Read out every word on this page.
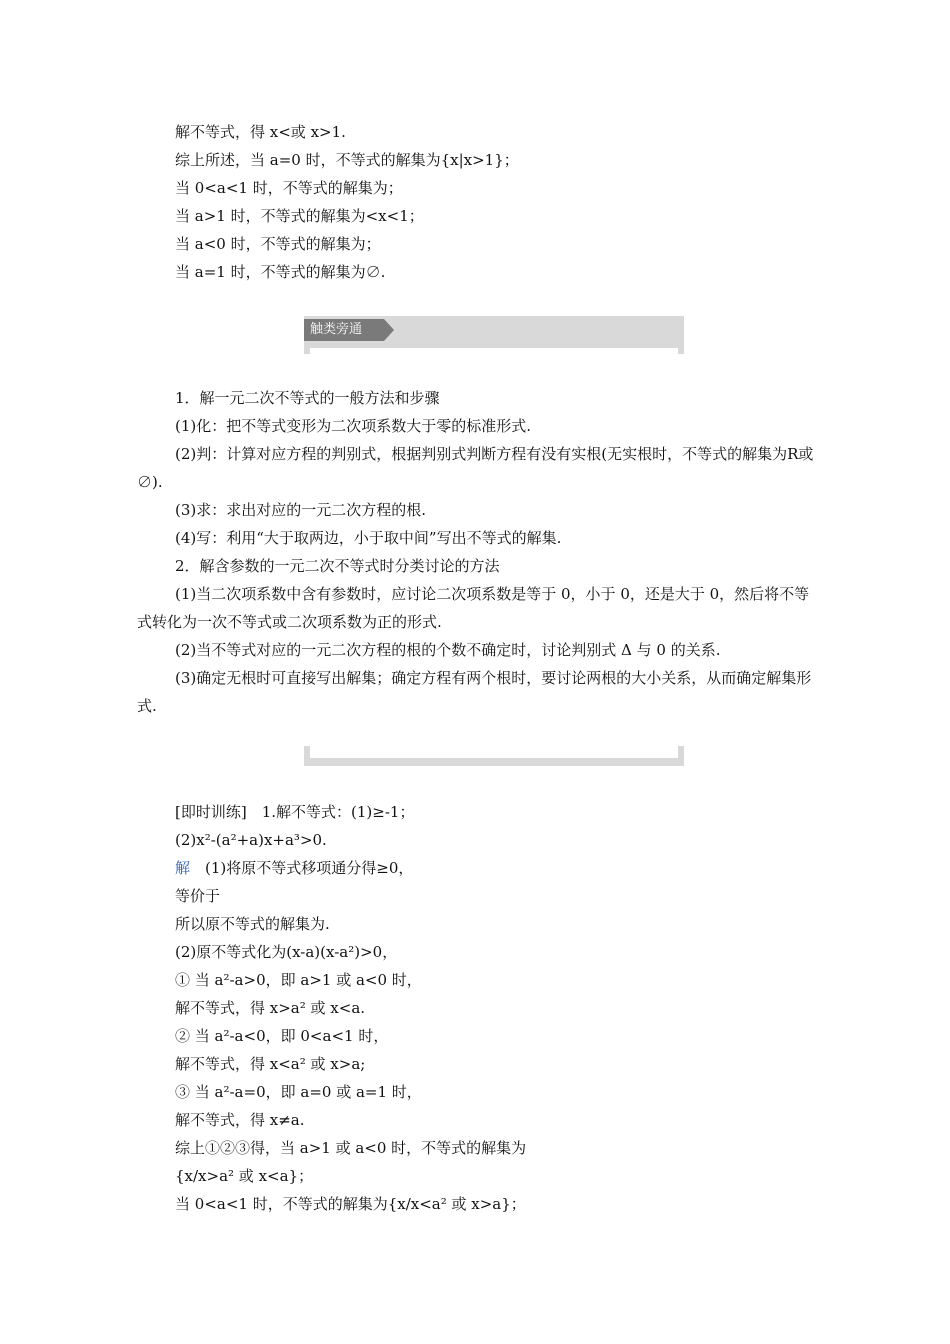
解不等式，得 x<或 x>1.
综上所述，当 a=0 时，不等式的解集为{x|x>1}；
当 0<a<1 时，不等式的解集为；
当 a>1 时，不等式的解集为<x<1；
当 a<0 时，不等式的解集为；
当 a=1 时，不等式的解集为∅.
触类旁通
1．解一元二次不等式的一般方法和步骤
(1)化：把不等式变形为二次项系数大于零的标准形式.
(2)判：计算对应方程的判别式，根据判别式判断方程有没有实根(无实根时，不等式的解集为R或∅).
(3)求：求出对应的一元二次方程的根.
(4)写：利用“大于取两边，小于取中间”写出不等式的解集.
2．解含参数的一元二次不等式时分类讨论的方法
(1)当二次项系数中含有参数时，应讨论二次项系数是等于 0，小于 0，还是大于 0，然后将不等式转化为一次不等式或二次项系数为正的形式.
(2)当不等式对应的一元二次方程的根的个数不确定时，讨论判别式 Δ 与 0 的关系.
(3)确定无根时可直接写出解集；确定方程有两个根时，要讨论两根的大小关系，从而确定解集形式.
[即时训练]　1.解不等式：(1)≥-1；
(2)x²-(a²+a)x+a³>0.
解　(1)将原不等式移项通分得≥0，
等价于
所以原不等式的解集为.
(2)原不等式化为(x-a)(x-a²)>0，
① 当 a²-a>0，即 a>1 或 a<0 时，
解不等式，得 x>a² 或 x<a.
② 当 a²-a<0，即 0<a<1 时，
解不等式，得 x<a² 或 x>a;
③ 当 a²-a=0，即 a=0 或 a=1 时，
解不等式，得 x≠a.
综上①②③得，当 a>1 或 a<0 时，不等式的解集为
{x/x>a² 或 x<a}；
当 0<a<1 时，不等式的解集为{x/x<a² 或 x>a}；
